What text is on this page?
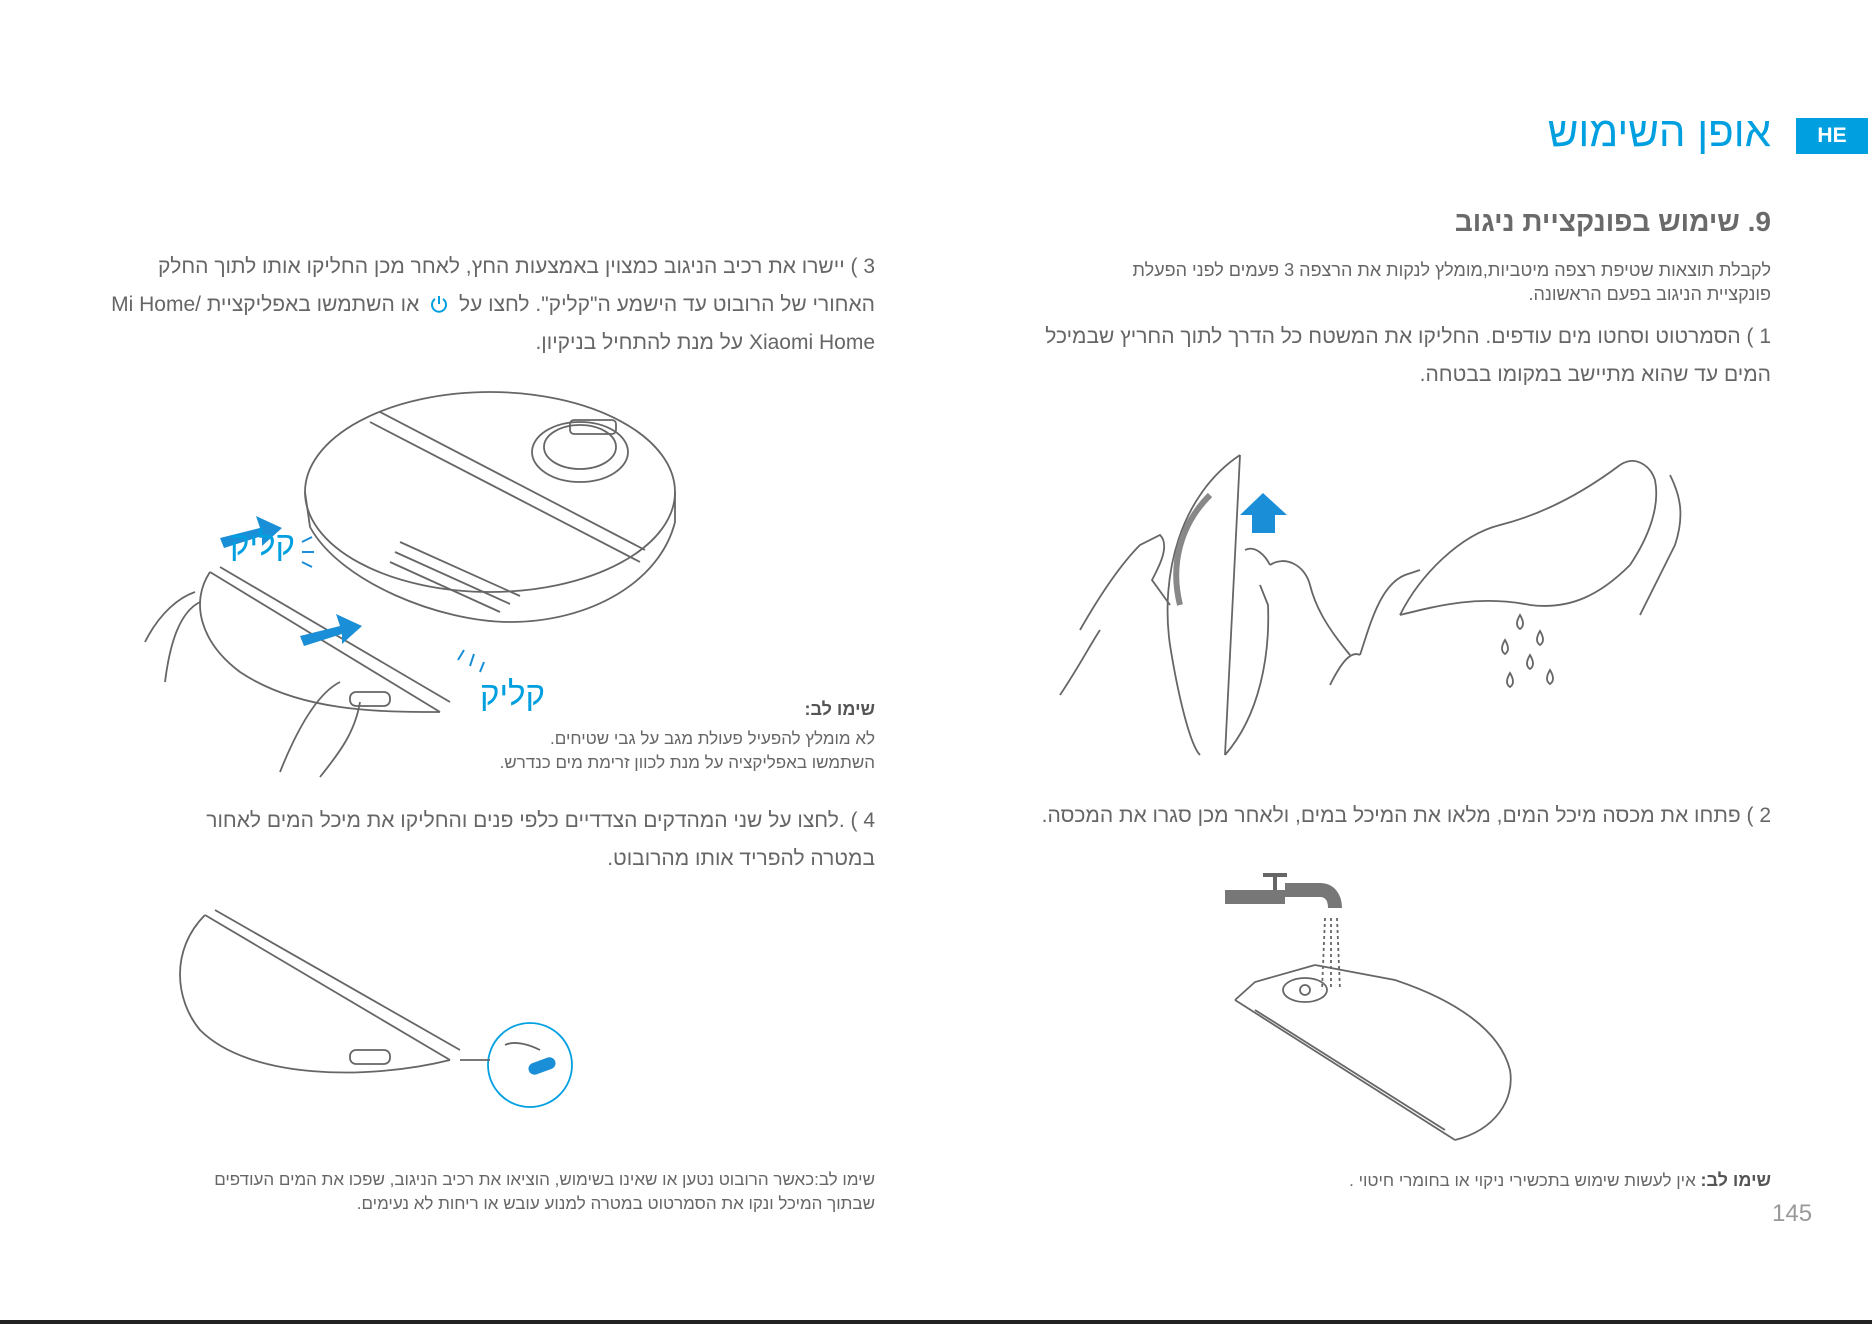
HE
אופן השימוש
9. שימוש בפונקציית ניגוב
לקבלת תוצאות שטיפת רצפה מיטביות,מומלץ לנקות את הרצפה 3 פעמים לפני הפעלת
פונקציית הניגוב בפעם הראשונה.
1 ) הסמרטוט וסחטו מים עודפים. החליקו את המשטח כל הדרך לתוך החריץ שבמיכל
המים עד שהוא מתיישב במקומו בבטחה.
2 ) פתחו את מכסה מיכל המים, מלאו את המיכל במים, ולאחר מכן סגרו את המכסה.
שימו לב: אין לעשות שימוש בתכשירי ניקוי או בחומרי חיטוי .
3 ) יישרו את רכיב הניגוב כמצוין באמצעות החץ, לאחר מכן החליקו אותו לתוך החלק
האחורי של הרובוט עד הישמע ה"קליק". לחצו על  או השתמשו באפליקציית /Mi Home
Xiaomi Home על מנת להתחיל בניקיון.
קליק
קליק	שימו לב:
לא מומלץ להפעיל פעולת מגב על גבי שטיחים.
השתמשו באפליקציה על מנת לכוון זרימת מים כנדרש.
4 ) .לחצו על שני המהדקים הצדדיים כלפי פנים והחליקו את מיכל המים לאחור
במטרה להפריד אותו מהרובוט.
שימו לב:כאשר הרובוט נטען או שאינו בשימוש, הוציאו את רכיב הניגוב, שפכו את המים העודפים
שבתוך המיכל ונקו את הסמרטוט במטרה למנוע עובש או ריחות לא נעימים.	145
